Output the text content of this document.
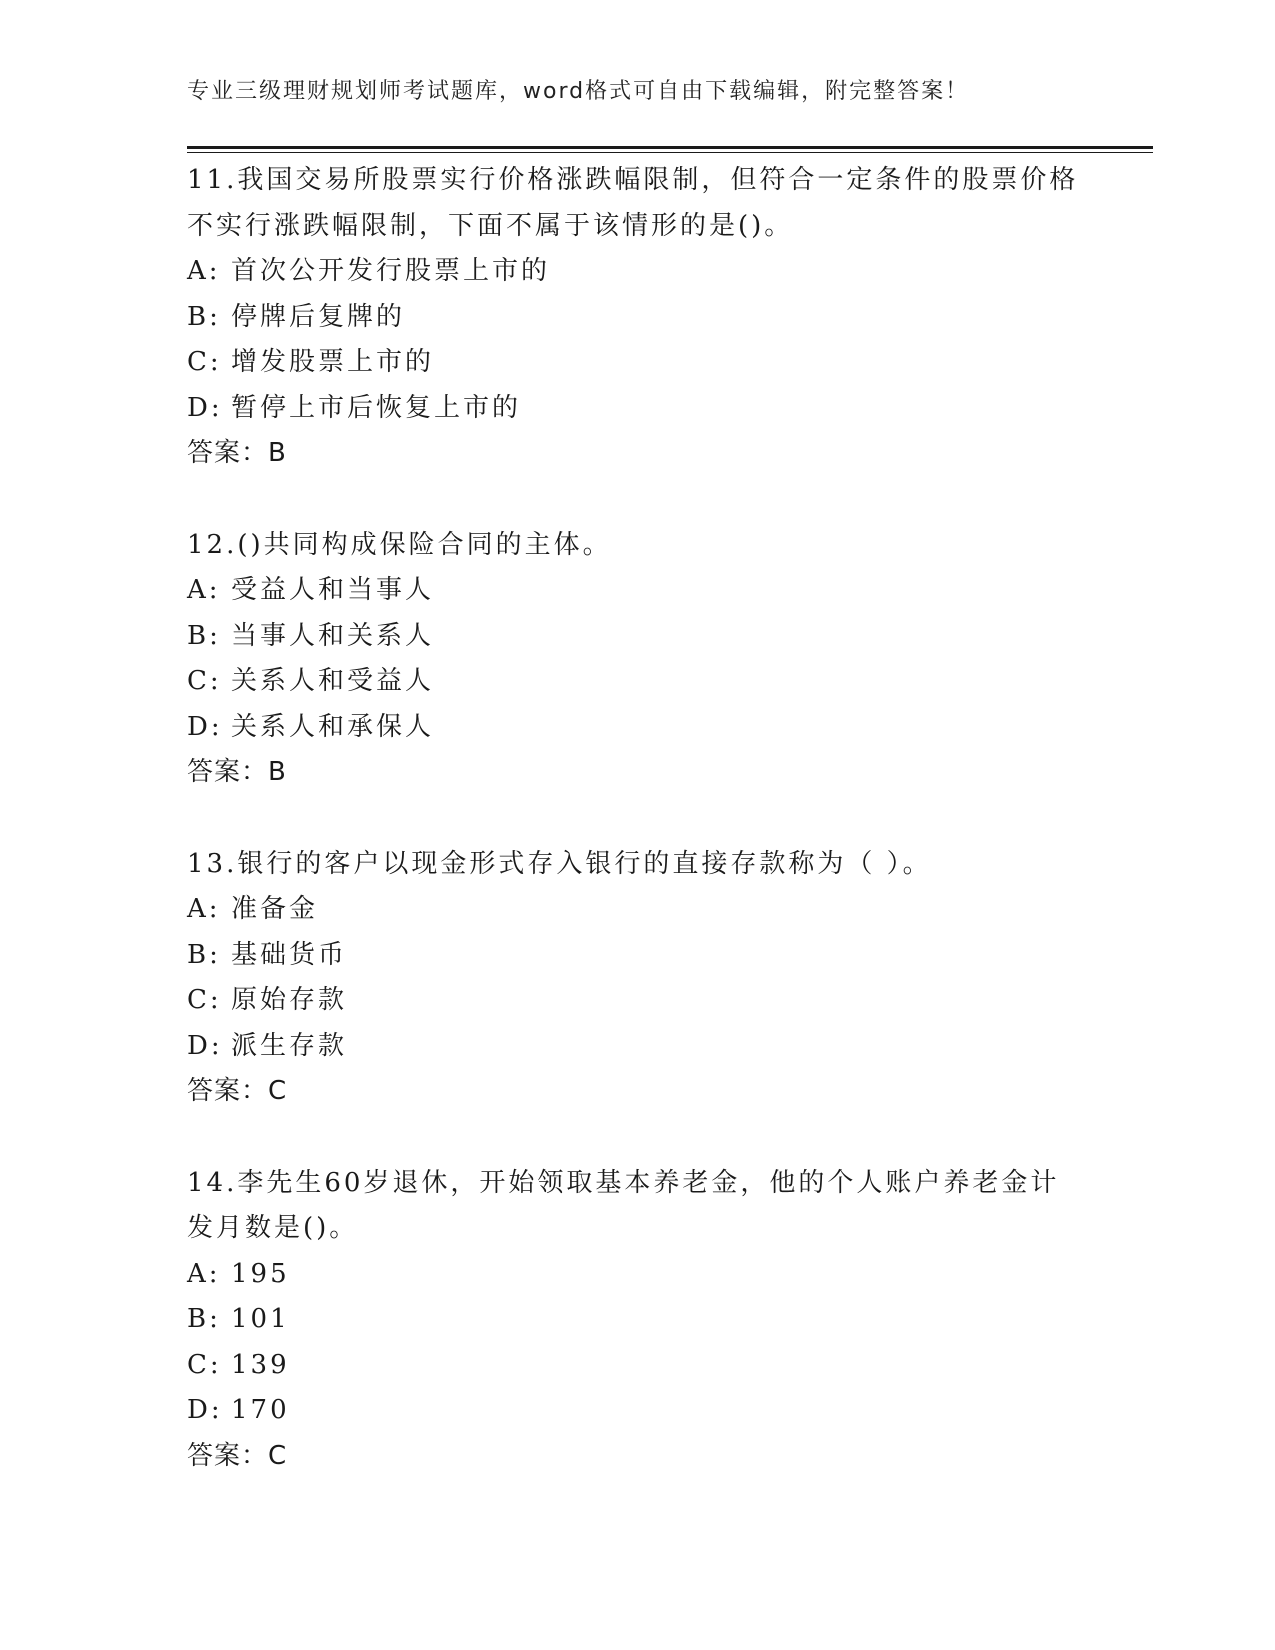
专业三级理财规划师考试题库，word格式可自由下载编辑，附完整答案！
11.我国交易所股票实行价格涨跌幅限制，但符合一定条件的股票价格
不实行涨跌幅限制，下面不属于该情形的是()。
A: 首次公开发行股票上市的
B: 停牌后复牌的
C: 增发股票上市的
D: 暂停上市后恢复上市的
答案：B
12.()共同构成保险合同的主体。
A: 受益人和当事人
B: 当事人和关系人
C: 关系人和受益人
D: 关系人和承保人
答案：B
13.银行的客户以现金形式存入银行的直接存款称为（ ）。
A: 准备金
B: 基础货币
C: 原始存款
D: 派生存款
答案：C
14.李先生60岁退休，开始领取基本养老金，他的个人账户养老金计
发月数是()。
A: 195
B: 101
C: 139
D: 170
答案：C
